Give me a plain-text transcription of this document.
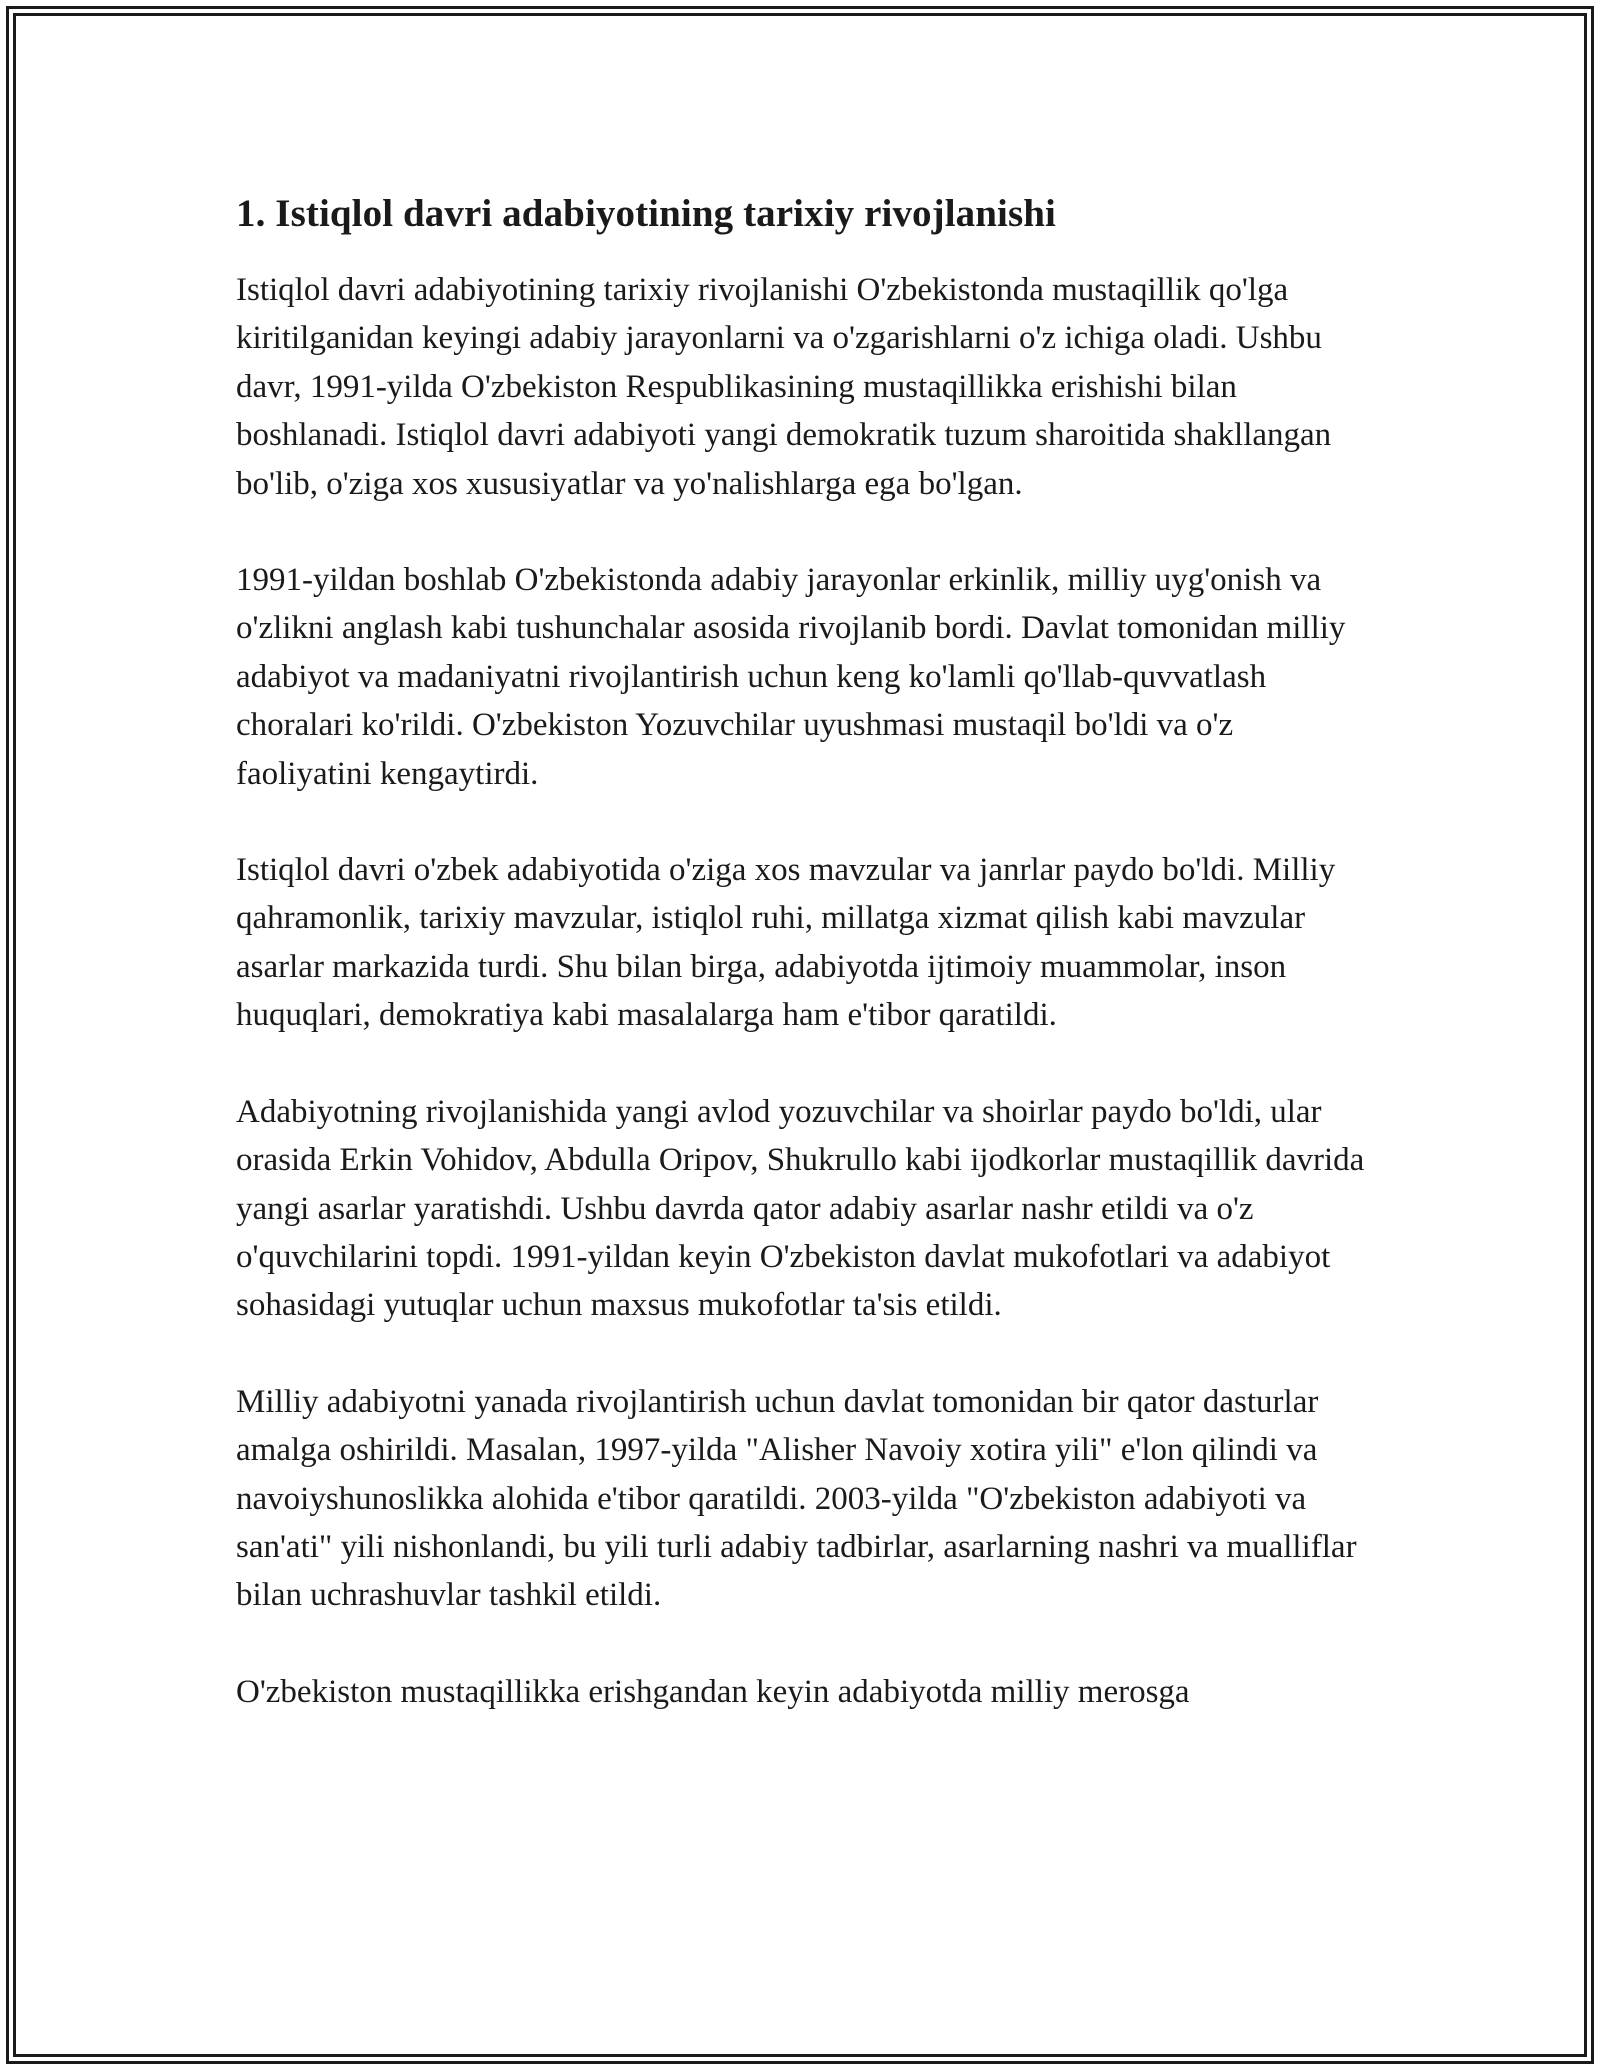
1. Istiqlol davri adabiyotining tarixiy rivojlanishi

Istiqlol davri adabiyotining tarixiy rivojlanishi O'zbekistonda mustaqillik qo'lga kiritilganidan keyingi adabiy jarayonlarni va o'zgarishlarni o'z ichiga oladi. Ushbu davr, 1991-yilda O'zbekiston Respublikasining mustaqillikka erishishi bilan boshlanadi. Istiqlol davri adabiyoti yangi demokratik tuzum sharoitida shakllangan bo'lib, o'ziga xos xususiyatlar va yo'nalishlarga ega bo'lgan.

1991-yildan boshlab O'zbekistonda adabiy jarayonlar erkinlik, milliy uyg'onish va o'zlikni anglash kabi tushunchalar asosida rivojlanib bordi. Davlat tomonidan milliy adabiyot va madaniyatni rivojlantirish uchun keng ko'lamli qo'llab-quvvatlash choralari ko'rildi. O'zbekiston Yozuvchilar uyushmasi mustaqil bo'ldi va o'z faoliyatini kengaytirdi.

Istiqlol davri o'zbek adabiyotida o'ziga xos mavzular va janrlar paydo bo'ldi. Milliy qahramonlik, tarixiy mavzular, istiqlol ruhi, millatga xizmat qilish kabi mavzular asarlar markazida turdi. Shu bilan birga, adabiyotda ijtimoiy muammolar, inson huquqlari, demokratiya kabi masalalarga ham e'tibor qaratildi.

Adabiyotning rivojlanishida yangi avlod yozuvchilar va shoirlar paydo bo'ldi, ular orasida Erkin Vohidov, Abdulla Oripov, Shukrullo kabi ijodkorlar mustaqillik davrida yangi asarlar yaratishdi. Ushbu davrda qator adabiy asarlar nashr etildi va o'z o'quvchilarini topdi. 1991-yildan keyin O'zbekiston davlat mukofotlari va adabiyot sohasidagi yutuqlar uchun maxsus mukofotlar ta'sis etildi.

Milliy adabiyotni yanada rivojlantirish uchun davlat tomonidan bir qator dasturlar amalga oshirildi. Masalan, 1997-yilda "Alisher Navoiy xotira yili" e'lon qilindi va navoiyshunoslikka alohida e'tibor qaratildi. 2003-yilda "O'zbekiston adabiyoti va san'ati" yili nishonlandi, bu yili turli adabiy tadbirlar, asarlarning nashri va mualliflar bilan uchrashuvlar tashkil etildi.

O'zbekiston mustaqillikka erishgandan keyin adabiyotda milliy merosga
